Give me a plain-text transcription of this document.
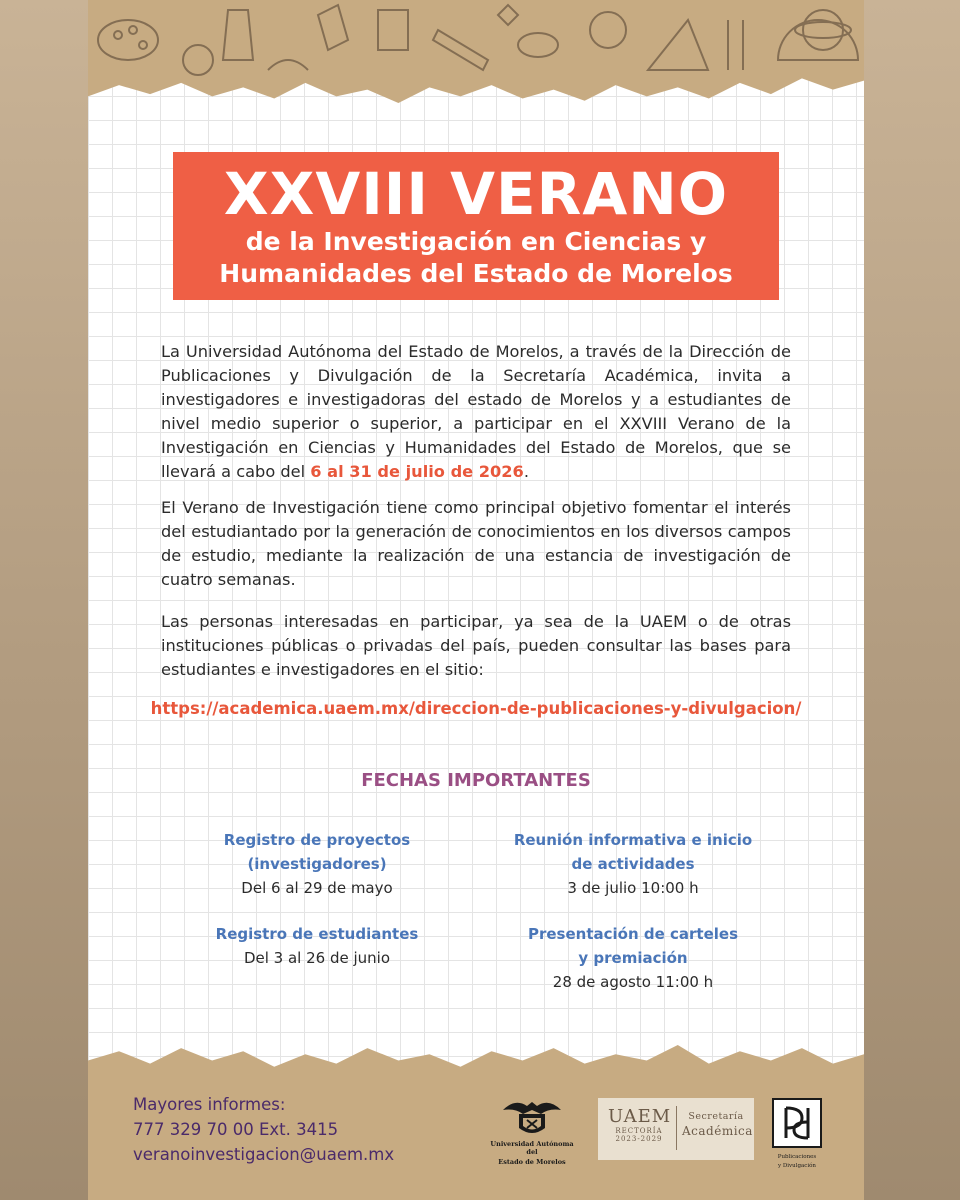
XXVIII VERANO
de la Investigación en Ciencias y
Humanidades del Estado de Morelos

La Universidad Autónoma del Estado de Morelos, a través de la Dirección de Publicaciones y Divulgación de la Secretaría Académica, invita a investigadores e investigadoras del estado de Morelos y a estudiantes de nivel medio superior o superior, a participar en el XXVIII Verano de la Investigación en Ciencias y Humanidades del Estado de Morelos, que se llevará a cabo del 6 al 31 de julio de 2026.

El Verano de Investigación tiene como principal objetivo fomentar el interés del estudiantado por la generación de conocimientos en los diversos campos de estudio, mediante la realización de una estancia de investigación de cuatro semanas.

Las personas interesadas en participar, ya sea de la UAEM o de otras instituciones públicas o privadas del país, pueden consultar las bases para estudiantes e investigadores en el sitio:

https://academica.uaem.mx/direccion-de-publicaciones-y-divulgacion/
FECHAS IMPORTANTES
Registro de proyectos
(investigadores)
Del 6 al 29 de mayo
Reunión informativa e inicio
de actividades
3 de julio 10:00 h
Registro de estudiantes
Del 3 al 26 de junio
Presentación de carteles
y premiación
28 de agosto 11:00 h
Mayores informes:
777 329 70 00 Ext. 3415
veranoinvestigacion@uaem.mx
Universidad Autónoma del
Estado de Morelos
UAEM
RECTORÍA
2023-2029
Secretaría
Académica
Publicaciones
y Divulgación
